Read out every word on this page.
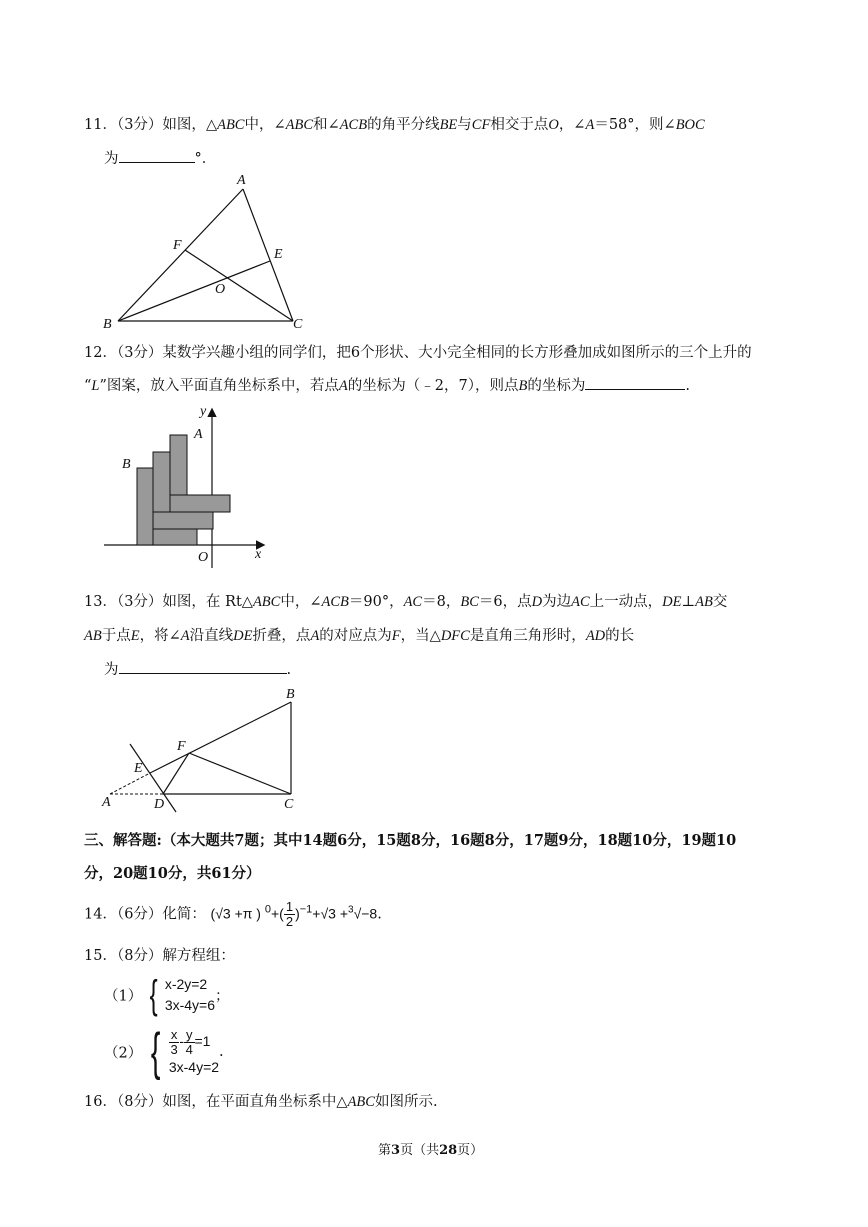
11．（3分）如图，△ABC中，∠ABC和∠ACB的角平分线BE与CF相交于点O，∠A＝58°，则∠BOC
为	°．
A
F
E
O
B	C
12．（3分）某数学兴趣小组的同学们，把6个形状、大小完全相同的长方形叠加成如图所示的三个上升的
“L”图案，放入平面直角坐标系中，若点A的坐标为（﹣2，7），则点B的坐标为	.
y
A
B
O	x
13．（3分）如图，在 Rt△ABC中，∠ACB＝90°，AC＝8，BC＝6，点D为边AC上一动点，DE⊥AB交
AB于点E，将∠A沿直线DE折叠，点A的对应点为F，当△DFC是直角三角形时，AD的长
为	.
B
F
E
A	D	C
三、解答题:（本大题共7题；其中14题6分，15题8分，16题8分，17题9分，18题10分，19题10
分，20题10分，共61分）
14．（6分）化简： (√3 +π ) $^0+( \frac{1}{2} )^{-1}+√3 +^3√-8$.
15．（8分）解方程组：
（1） { x-2y=2
3x-4y=6；
（2） { $\frac{x}{3} - \frac{y}{4} =1$
3x-4y=2.
16．（8分）如图，在平面直角坐标系中△ABC如图所示.
第3页（共28页）
